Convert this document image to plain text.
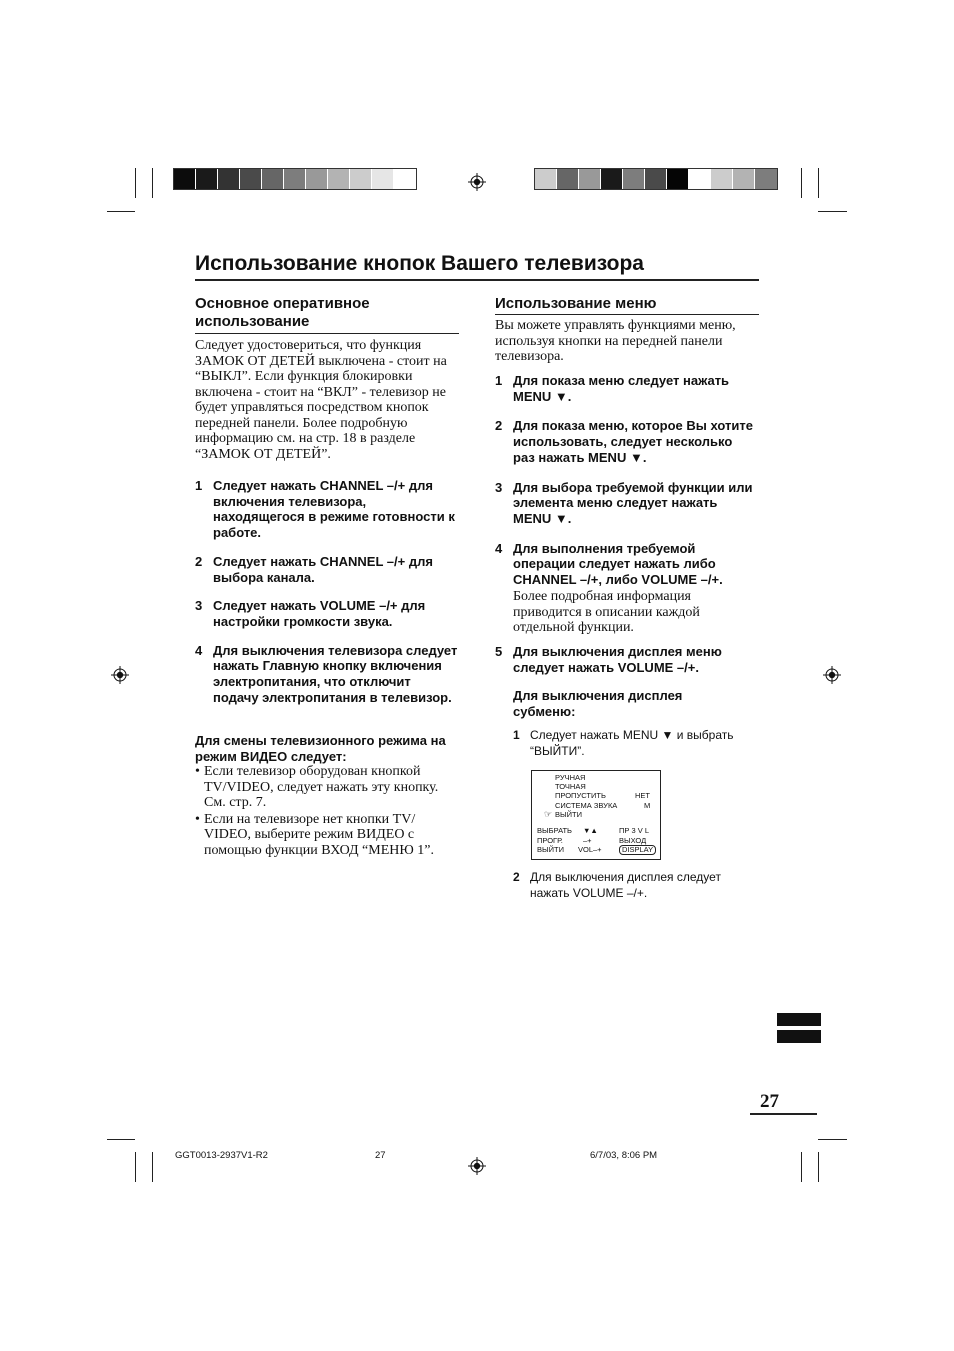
Использование кнопок Вашего телевизора
Основное оперативное использование
Следует удостовериться, что функция ЗАМОК ОТ ДЕТЕЙ выключена - стоит на “ВЫКЛ”. Если функция блокировки включена - стоит на “ВКЛ” - телевизор не будет управляться посредством кнопок передней панели. Более подробную информацию см. на стр. 18 в разделе “ЗАМОК ОТ ДЕТЕЙ”.
1 Следует нажать CHANNEL –/+ для включения телевизора, находящегося в режиме готовности к работе.
2 Следует нажать CHANNEL –/+ для выбора канала.
3 Следует нажать VOLUME –/+ для настройки громкости звука.
4 Для выключения телевизора следует нажать Главную кнопку включения электропитания, что отключит подачу электропитания в телевизор.
Для смены телевизионного режима на режим ВИДЕО следует:
• Если телевизор оборудован кнопкой TV/VIDEO, следует нажать эту кнопку. См. стр. 7.
• Если на телевизоре нет кнопки TV/ VIDEO, выберите режим ВИДЕО с помощью функции ВХОД “МЕНЮ 1”.
Использование меню
Вы можете управлять функциями меню, используя кнопки на передней панели телевизора.
1 Для показа меню следует нажать MENU ▼.
2 Для показа меню, которое Вы хотите использовать, следует несколько раз нажать MENU ▼.
3 Для выбора требуемой функции или элемента меню следует нажать MENU ▼.
4 Для выполнения требуемой операции следует нажать либо CHANNEL –/+, либо VOLUME –/+.
Более подробная информация приводится в описании каждой отдельной функции.
5 Для выключения дисплея меню следует нажать VOLUME –/+.
Для выключения дисплея субменю:
1 Следует нажать MENU ▼ и выбрать “ВЫЙТИ”.
РУЧНАЯ
ТОЧНАЯ
ПРОПУСТИТЬ
СИСТЕМА ЗВУКА
☞ ВЫЙТИ
НЕТ
M
ВЫБРАТЬ
ПРОГР.
ВЫЙТИ
▼▲
–+
VOL–+
ПР 3 V L
ВЫХОД
DISPLAY
2 Для выключения дисплея следует нажать VOLUME –/+.
27
GGT0013-2937V1-R2	27	6/7/03, 8:06 PM
